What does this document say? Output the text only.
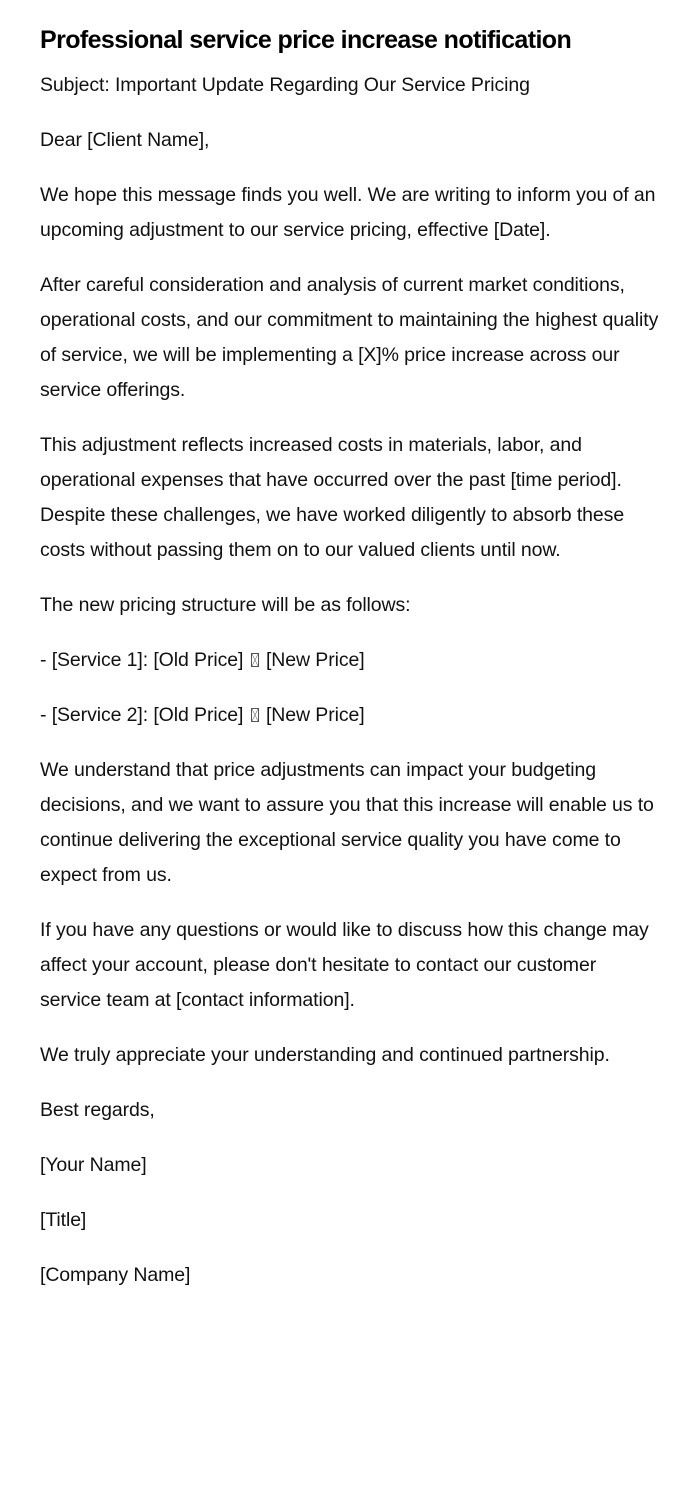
Professional service price increase notification

Subject: Important Update Regarding Our Service Pricing

Dear [Client Name],

We hope this message finds you well. We are writing to inform you of an upcoming adjustment to our service pricing, effective [Date].

After careful consideration and analysis of current market conditions, operational costs, and our commitment to maintaining the highest quality of service, we will be implementing a [X]% price increase across our service offerings.

This adjustment reflects increased costs in materials, labor, and operational expenses that have occurred over the past [time period]. Despite these challenges, we have worked diligently to absorb these costs without passing them on to our valued clients until now.

The new pricing structure will be as follows:

- [Service 1]: [Old Price] [New Price]

- [Service 2]: [Old Price] [New Price]

We understand that price adjustments can impact your budgeting decisions, and we want to assure you that this increase will enable us to continue delivering the exceptional service quality you have come to expect from us.

If you have any questions or would like to discuss how this change may affect your account, please don't hesitate to contact our customer service team at [contact information].

We truly appreciate your understanding and continued partnership.

Best regards,

[Your Name]

[Title]

[Company Name]
